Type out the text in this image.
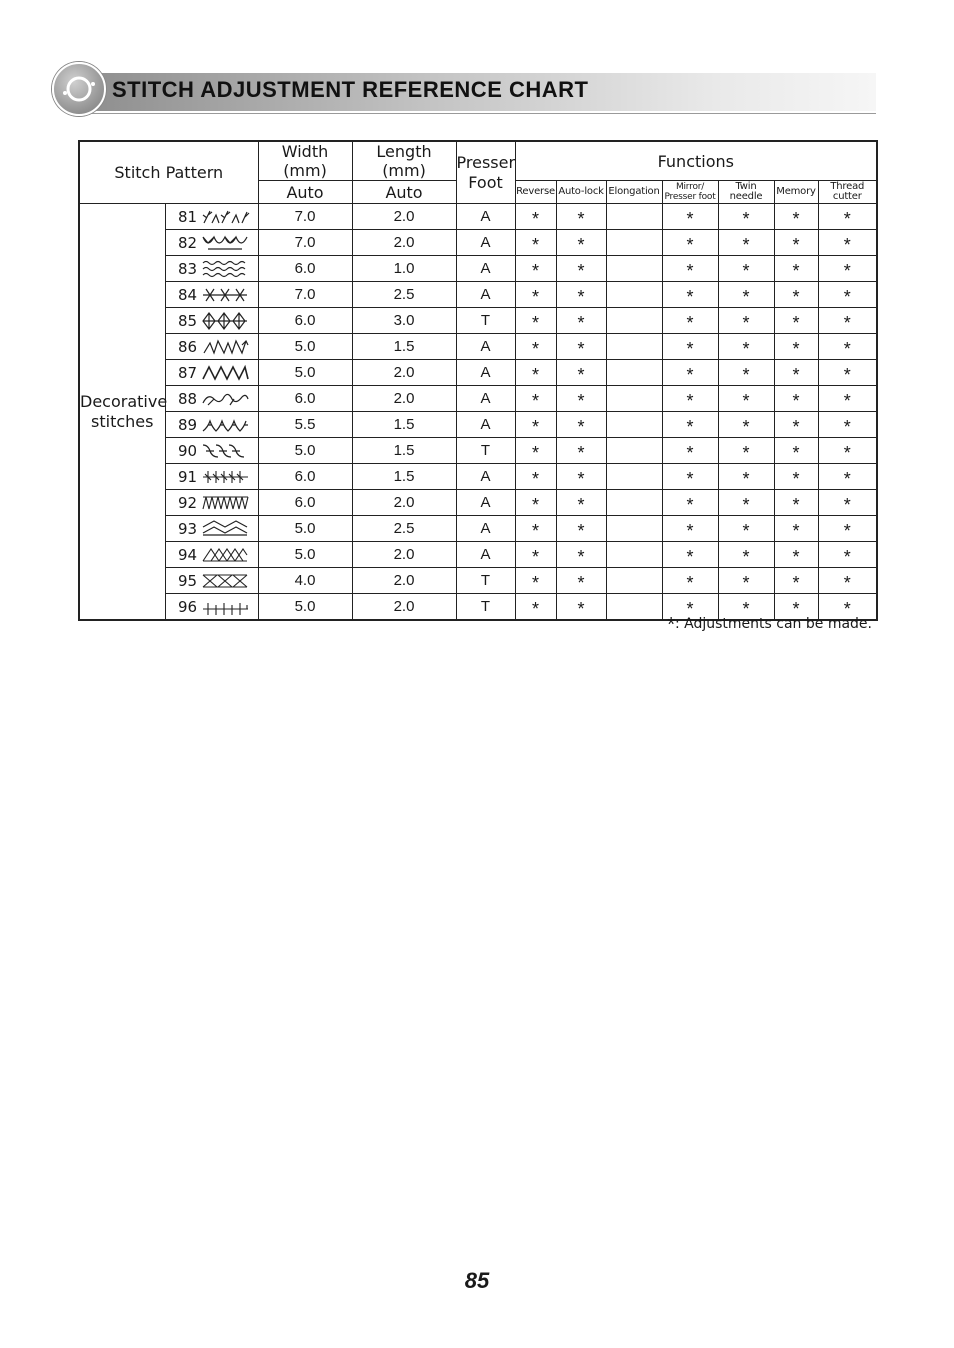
STITCH ADJUSTMENT REFERENCE CHART
Stitch Pattern		Width (mm)	Length (mm)	Presser
Foot	Functions						
		Auto	Auto		Reverse	Auto-lock	Elongation	Mirror/
Presser foot	Twin needle	Memory	Thread cutter

Decorative
stitches	81	7.0	2.0	A	*	*		*	*	*	*
	82	7.0	2.0	A	*	*		*	*	*	*
	83	6.0	1.0	A	*	*		*	*	*	*
	84	7.0	2.5	A	*	*		*	*	*	*
	85	6.0	3.0	T	*	*		*	*	*	*
	86	5.0	1.5	A	*	*		*	*	*	*
	87	5.0	2.0	A	*	*		*	*	*	*
	88	6.0	2.0	A	*	*		*	*	*	*
	89	5.5	1.5	A	*	*		*	*	*	*
	90	5.0	1.5	T	*	*		*	*	*	*
	91	6.0	1.5	A	*	*		*	*	*	*
	92	6.0	2.0	A	*	*		*	*	*	*
	93	5.0	2.5	A	*	*		*	*	*	*
	94	5.0	2.0	A	*	*		*	*	*	*
	95	4.0	2.0	T	*	*		*	*	*	*
	96	5.0	2.0	T	*	*		*	*	*	*
*: Adjustments can be made.
85
